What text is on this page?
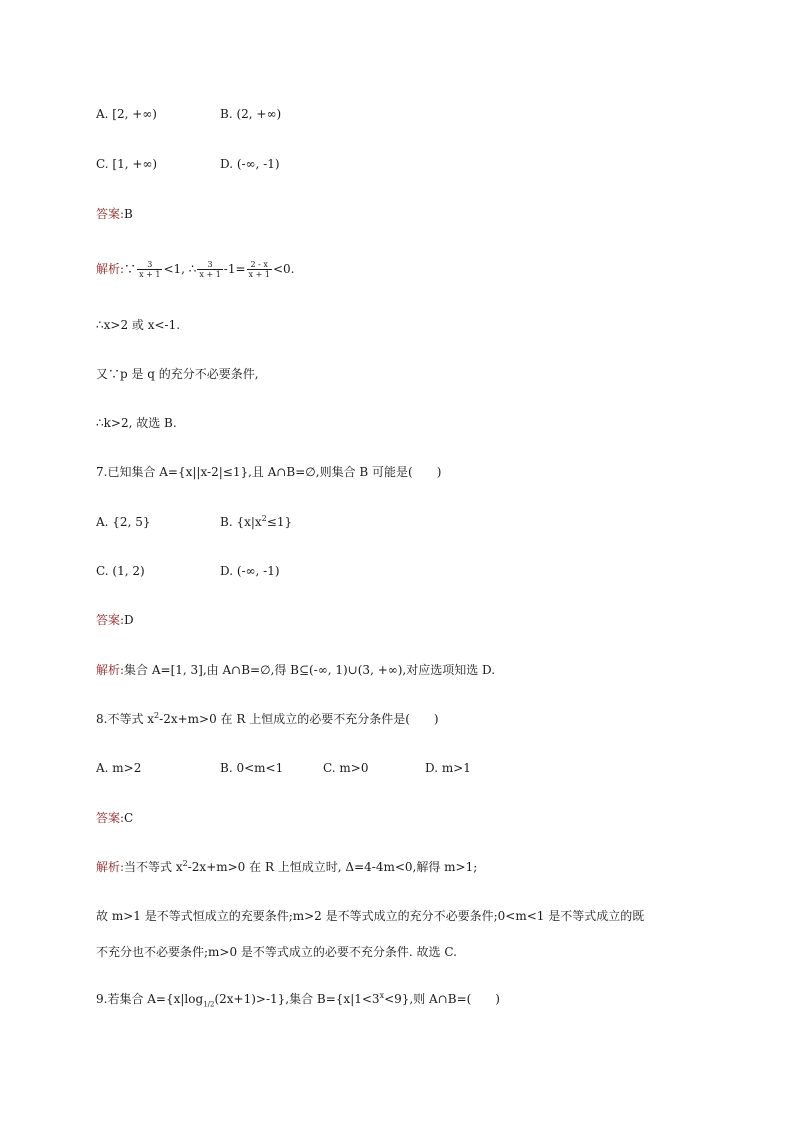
A. [2, +∞)	B. (2, +∞)
C. [1, +∞)	D. (-∞, -1)
答案:B
解析:∵ $\frac{3}{x + 1} <1$, ∴ $\frac{3}{x + 1} -1= \frac{2 - x}{x + 1} <0$.
∴x>2 或 x<-1.
又∵p 是 q 的充分不必要条件,
∴k>2, 故选 B.
7.已知集合 A={x||x-2|≤1},且 A∩B=∅,则集合 B 可能是(　　)
A. {2, 5}	B. $\{x|x^2\le 1\}$
C. (1, 2)	D. (-∞, -1)
答案:D
解析:集合 A=[1, 3],由 A∩B=∅,得 B⊆(-∞, 1)∪(3, +∞),对应选项知选 D.
8.不等式 $x^2-2x+m>0$ 在 R 上恒成立的必要不充分条件是(　　)
A. m>2	B. 0<m<1	C. m>0	D. m>1
答案:C
解析:当不等式 $x^2-2x+m>0$ 在 R 上恒成立时, Δ=4-4m<0,解得 m>1;
故 m>1 是不等式恒成立的充要条件;m>2 是不等式成立的充分不必要条件;0<m<1 是不等式成立的既
不充分也不必要条件;m>0 是不等式成立的必要不充分条件. 故选 C.
9.若集合 $A=\{x|\log_{1/2}(2x+1)>-1\}$,集合 $B=\{x|1<3^x<9\}$,则 A∩B=(　　)
